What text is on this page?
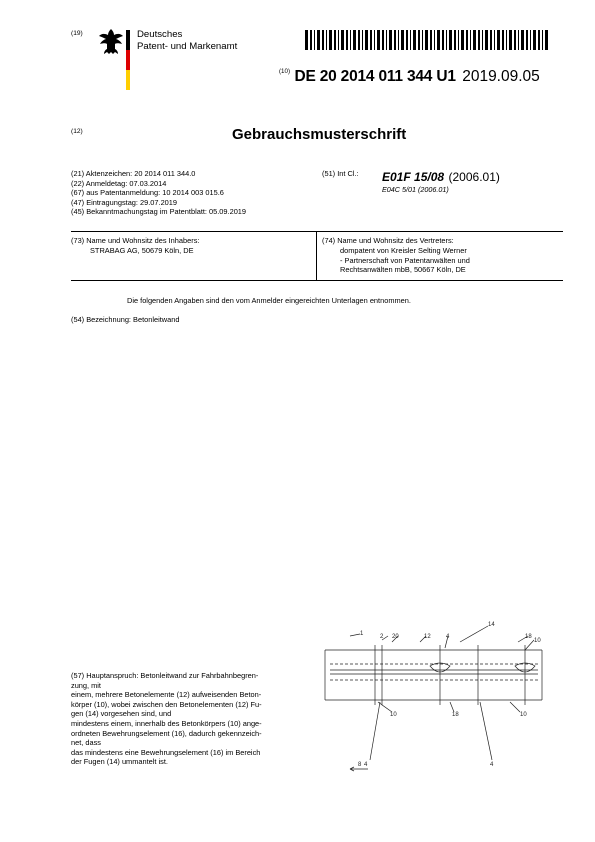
(19)	Deutsches
Patent- und Markenamt
$^{(10)}$ DE 20 2014 011 344 U1 2019.09.05
(12)	Gebrauchsmusterschrift
(21) Aktenzeichen: 20 2014 011 344.0
(22) Anmeldetag: 07.03.2014
(67) aus Patentanmeldung: 10 2014 003 015.6
(47) Eintragungstag: 29.07.2019
(45) Bekanntmachungstag im Patentblatt: 05.09.2019
(51) Int Cl.: E01F 15/08 (2006.01)
E04C 5/01 (2006.01)
(73) Name und Wohnsitz des Inhabers:
STRABAG AG, 50679 Köln, DE
(74) Name und Wohnsitz des Vertreters:
dompatent von Kreisler Selting Werner
- Partnerschaft von Patentanwälten und
Rechtsanwälten mbB, 50667 Köln, DE
Die folgenden Angaben sind den vom Anmelder eingereichten Unterlagen entnommen.
(54) Bezeichnung: Betonleitwand
(57) Hauptanspruch: Betonleitwand zur Fahrbahnbegren-
zung, mit
einem, mehrere Betonelemente (12) aufweisenden Beton-
körper (10), wobei zwischen den Betonelementen (12) Fu-
gen (14) vorgesehen sind, und
mindestens einem, innerhalb des Betonkörpers (10) ange-
ordneten Bewehrungselement (16), dadurch gekennzeich-
net, dass
das mindestens eine Bewehrungselement (16) im Bereich
der Fugen (14) ummantelt ist.
1	2 20	12	4
14
18
10
10	10
18
4
4
8
